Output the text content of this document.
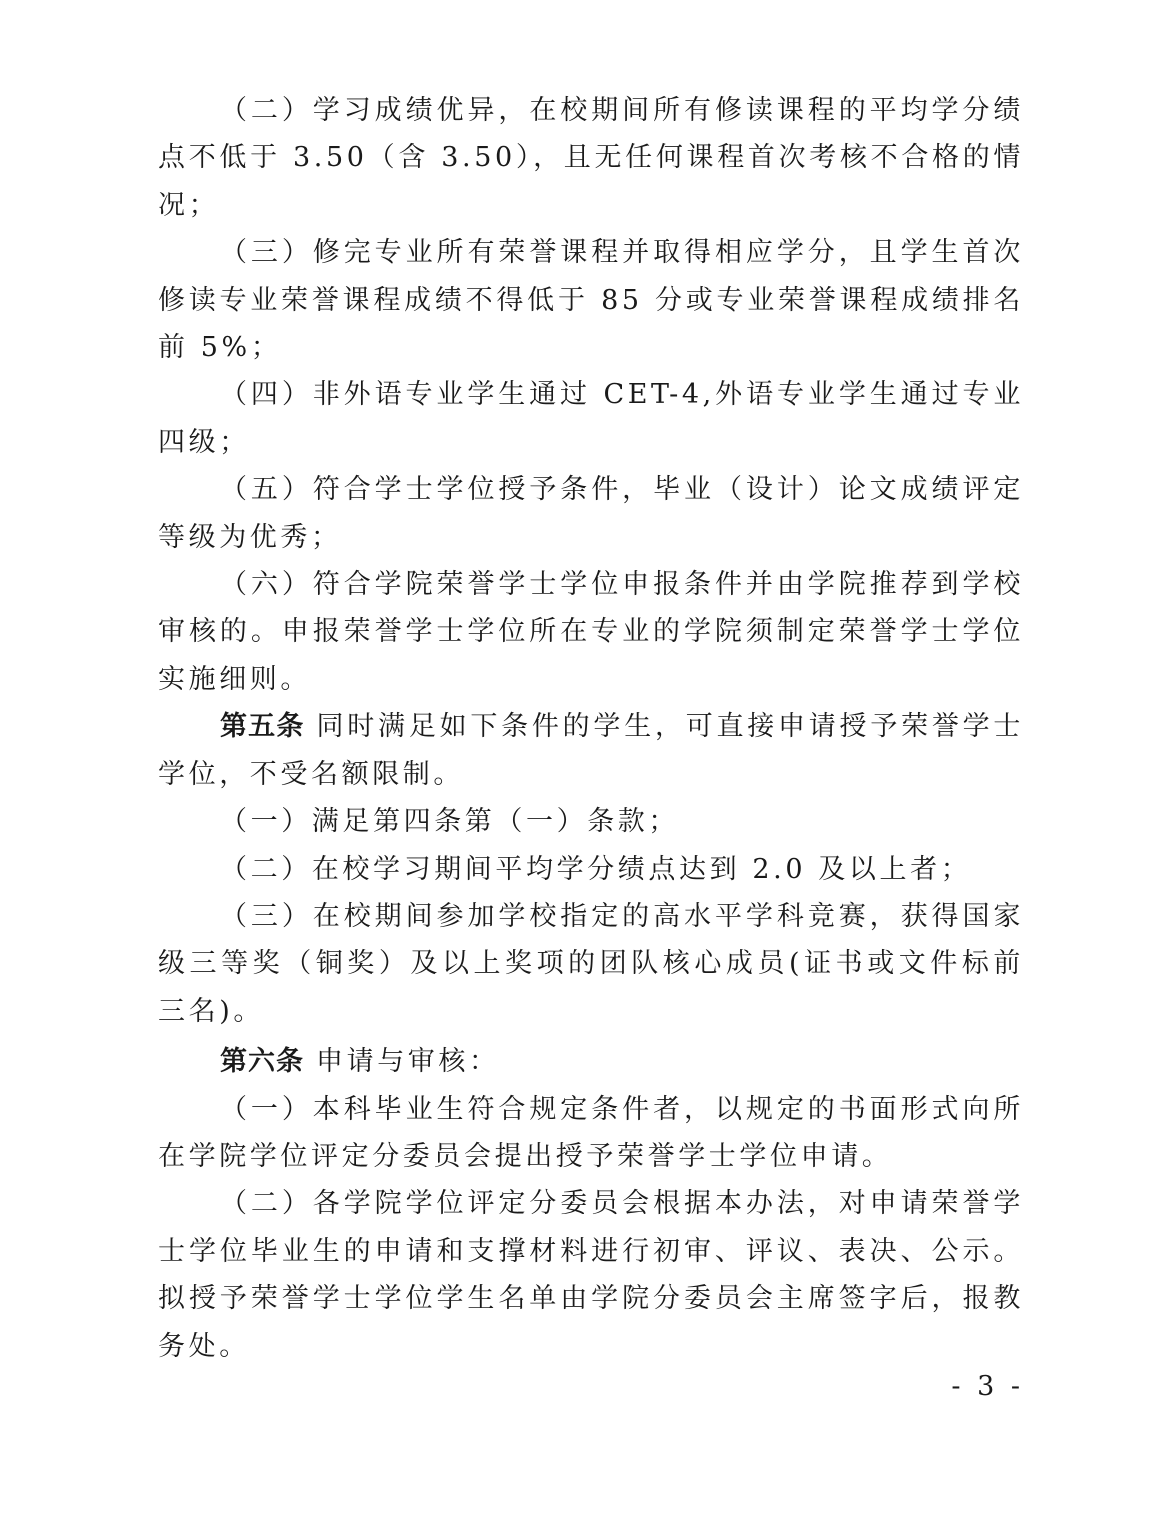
（二）学习成绩优异，在校期间所有修读课程的平均学分绩点不低于 3.50（含 3.50），且无任何课程首次考核不合格的情况；

（三）修完专业所有荣誉课程并取得相应学分，且学生首次修读专业荣誉课程成绩不得低于 85 分或专业荣誉课程成绩排名前 5%；

（四）非外语专业学生通过 CET-4,外语专业学生通过专业四级；

（五）符合学士学位授予条件，毕业（设计）论文成绩评定等级为优秀；

（六）符合学院荣誉学士学位申报条件并由学院推荐到学校审核的。申报荣誉学士学位所在专业的学院须制定荣誉学士学位实施细则。

第五条 同时满足如下条件的学生，可直接申请授予荣誉学士学位，不受名额限制。

（一）满足第四条第（一）条款；

（二）在校学习期间平均学分绩点达到 2.0 及以上者；

（三）在校期间参加学校指定的高水平学科竞赛，获得国家级三等奖（铜奖）及以上奖项的团队核心成员(证书或文件标前三名)。

第六条 申请与审核：

（一）本科毕业生符合规定条件者，以规定的书面形式向所在学院学位评定分委员会提出授予荣誉学士学位申请。

（二）各学院学位评定分委员会根据本办法，对申请荣誉学士学位毕业生的申请和支撑材料进行初审、评议、表决、公示。拟授予荣誉学士学位学生名单由学院分委员会主席签字后，报教务处。

- 3 -
